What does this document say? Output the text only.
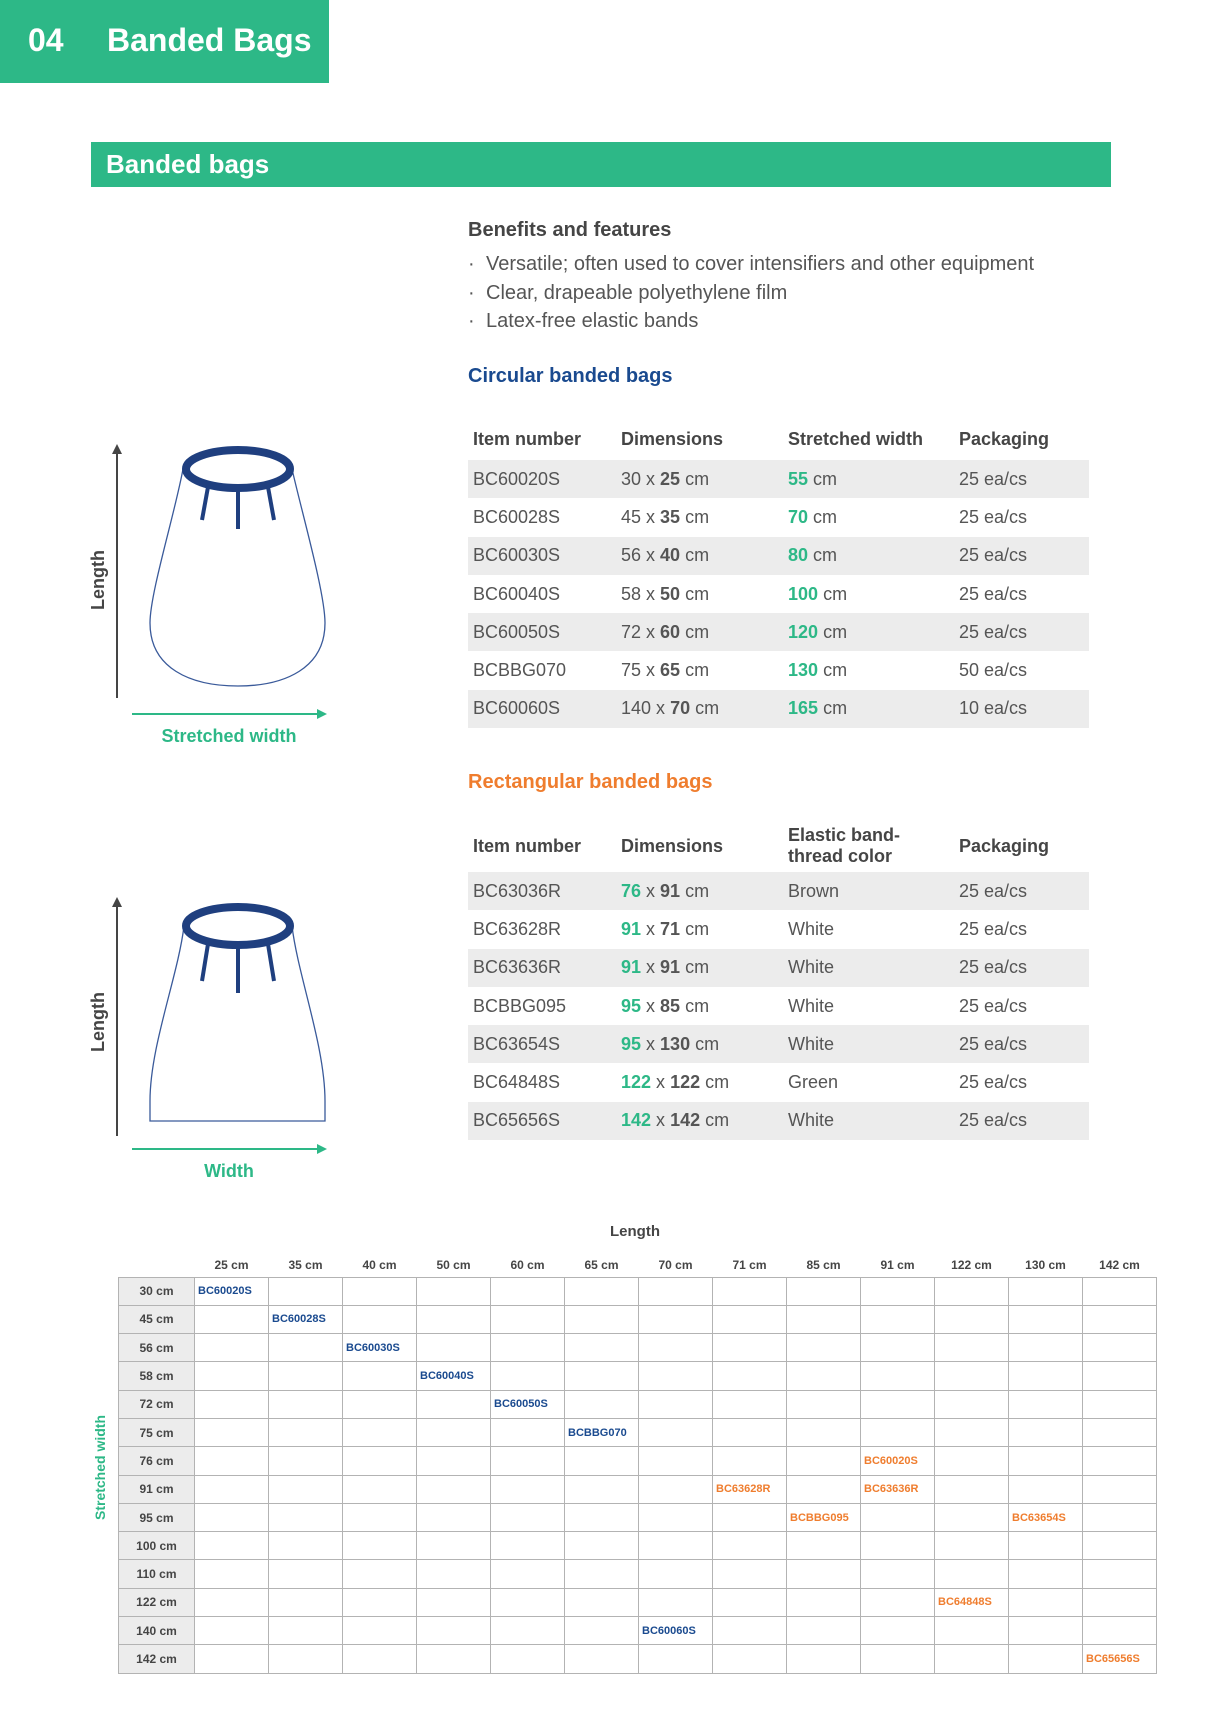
04 Banded Bags
Banded bags
Benefits and features
· Versatile; often used to cover intensifiers and other equipment
· Clear, drapeable polyethylene film
· Latex-free elastic bands
Circular banded bags
Item number	Dimensions	Stretched width	Packaging
BC60020S	30 x 25 cm	55 cm	25 ea/cs
BC60028S	45 x 35 cm	70 cm	25 ea/cs
BC60030S	56 x 40 cm	80 cm	25 ea/cs
BC60040S	58 x 50 cm	100 cm	25 ea/cs
BC60050S	72 x 60 cm	120 cm	25 ea/cs
BCBBG070	75 x 65 cm	130 cm	50 ea/cs
BC60060S	140 x 70 cm	165 cm	10 ea/cs
Length
Stretched width
Rectangular banded bags
Item number	Dimensions	Elastic band-
thread color	Packaging
BC63036R	76 x 91 cm	Brown	25 ea/cs
BC63628R	91 x 71 cm	White	25 ea/cs
BC63636R	91 x 91 cm	White	25 ea/cs
BCBBG095	95 x 85 cm	White	25 ea/cs
BC63654S	95 x 130 cm	White	25 ea/cs
BC64848S	122 x 122 cm	Green	25 ea/cs
BC65656S	142 x 142 cm	White	25 ea/cs
Length
Width
Length
Stretched width
	25 cm	35 cm	40 cm	50 cm	60 cm	65 cm	70 cm	71 cm	85 cm	91 cm	122 cm	130 cm	142 cm
30 cm	BC60020S												
45 cm		BC60028S											
56 cm			BC60030S										
58 cm				BC60040S									
72 cm					BC60050S								
75 cm						BCBBG070							
76 cm										BC60020S			
91 cm								BC63628R		BC63636R			
95 cm									BCBBG095			BC63654S	
100 cm													
110 cm													
122 cm											BC64848S		
140 cm							BC60060S						
142 cm													BC65656S
